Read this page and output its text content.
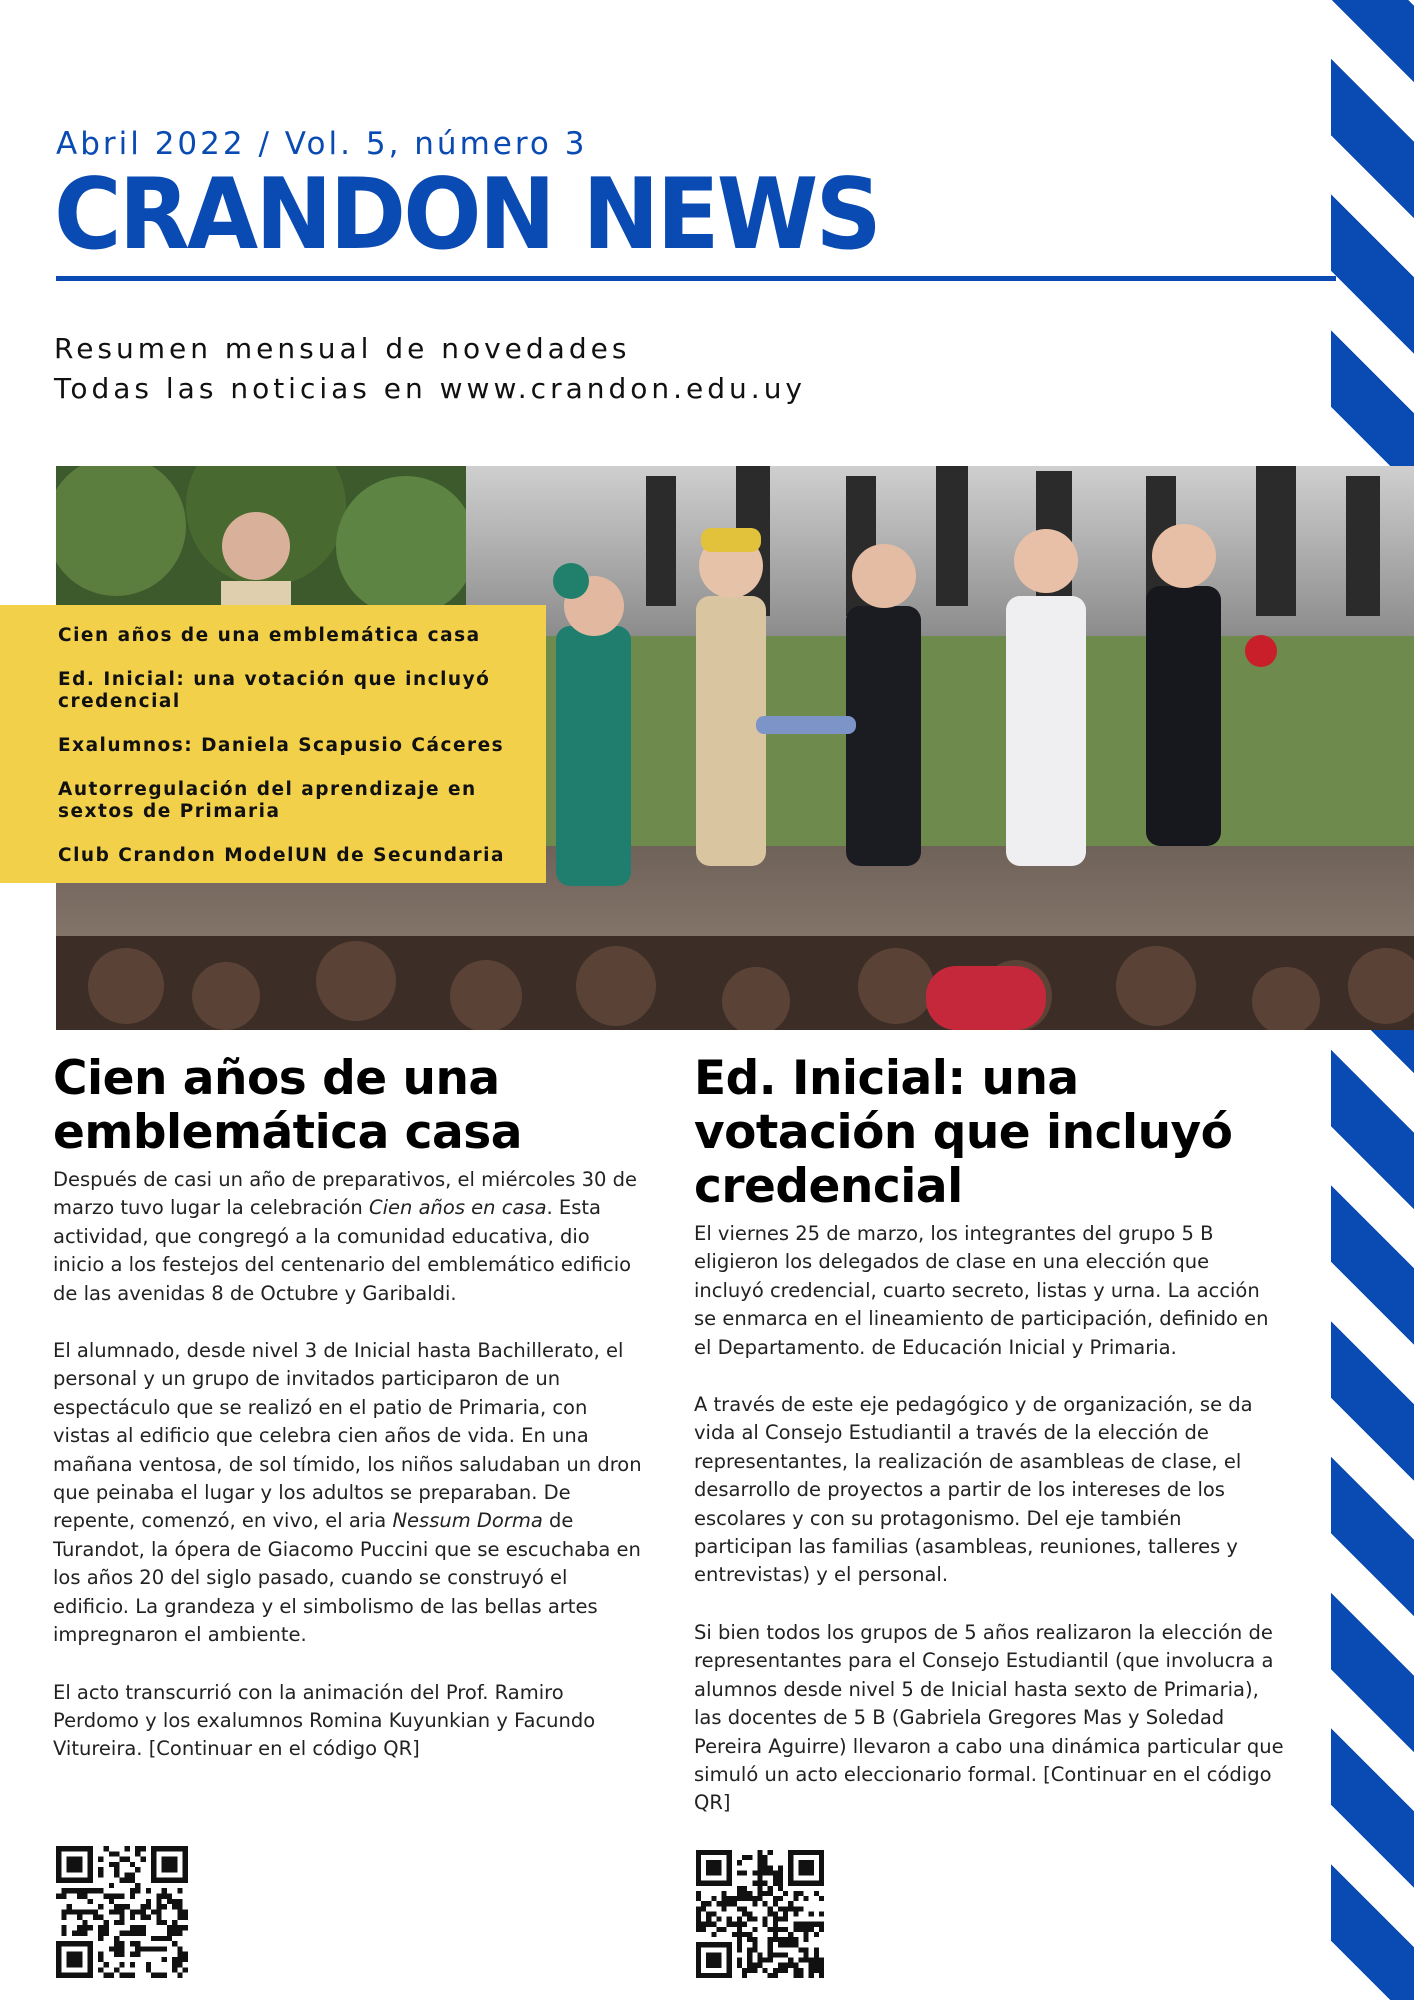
Abril 2022 / Vol. 5, número 3
CRANDON NEWS
Resumen mensual de novedades
Todas las noticias en www.crandon.edu.uy
Cien años de una emblemática casa
Ed. Inicial: una votación que incluyó credencial
Exalumnos: Daniela Scapusio Cáceres
Autorregulación del aprendizaje en sextos de Primaria
Club Crandon ModelUN de Secundaria
Cien años de una emblemática casa

Después de casi un año de preparativos, el miércoles 30 de marzo tuvo lugar la celebración Cien años en casa. Esta actividad, que congregó a la comunidad educativa, dio inicio a los festejos del centenario del emblemático edificio de las avenidas 8 de Octubre y Garibaldi.

El alumnado, desde nivel 3 de Inicial hasta Bachillerato, el personal y un grupo de invitados participaron de un espectáculo que se realizó en el patio de Primaria, con vistas al edificio que celebra cien años de vida. En una mañana ventosa, de sol tímido, los niños saludaban un dron que peinaba el lugar y los adultos se preparaban. De repente, comenzó, en vivo, el aria Nessum Dorma de Turandot, la ópera de Giacomo Puccini que se escuchaba en los años 20 del siglo pasado, cuando se construyó el edificio. La grandeza y el simbolismo de las bellas artes impregnaron el ambiente.

El acto transcurrió con la animación del Prof. Ramiro Perdomo y los exalumnos Romina Kuyunkian y Facundo Vitureira. [Continuar en el código QR]

Ed. Inicial: una votación que incluyó credencial

El viernes 25 de marzo, los integrantes del grupo 5 B eligieron los delegados de clase en una elección que incluyó credencial, cuarto secreto, listas y urna. La acción se enmarca en el lineamiento de participación, definido en el Departamento. de Educación Inicial y Primaria.

A través de este eje pedagógico y de organización, se da vida al Consejo Estudiantil a través de la elección de representantes, la realización de asambleas de clase, el desarrollo de proyectos a partir de los intereses de los escolares y con su protagonismo. Del eje también participan las familias (asambleas, reuniones, talleres y entrevistas) y el personal.

Si bien todos los grupos de 5 años realizaron la elección de representantes para el Consejo Estudiantil (que involucra a alumnos desde nivel 5 de Inicial hasta sexto de Primaria), las docentes de 5 B (Gabriela Gregores Mas y Soledad Pereira Aguirre) llevaron a cabo una dinámica particular que simuló un acto eleccionario formal. [Continuar en el código QR]
